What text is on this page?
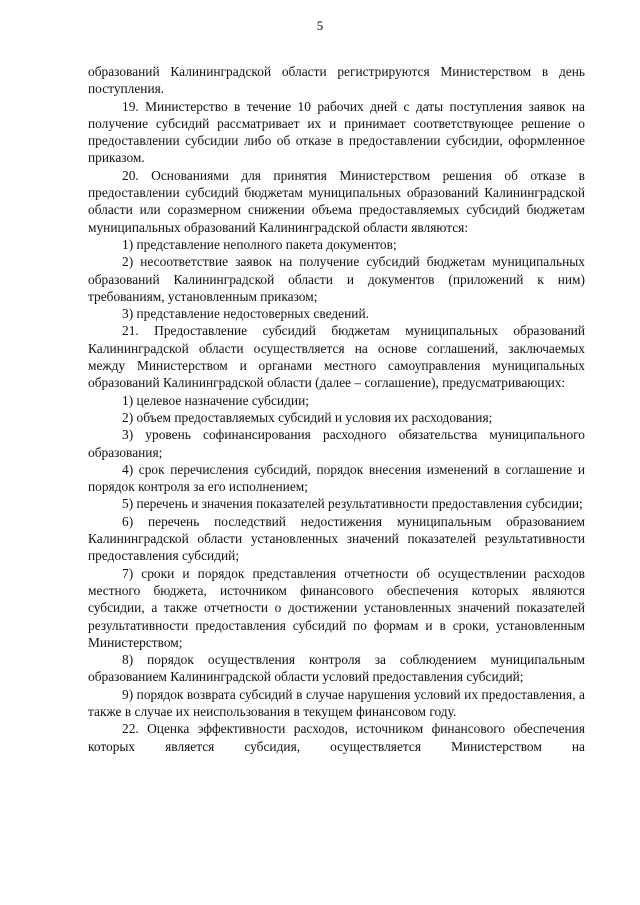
5

образований Калининградской области регистрируются Министерством в день поступления.

19. Министерство в течение 10 рабочих дней с даты поступления заявок на получение субсидий рассматривает их и принимает соответствующее решение о предоставлении субсидии либо об отказе в предоставлении субсидии, оформленное приказом.

20. Основаниями для принятия Министерством решения об отказе в предоставлении субсидий бюджетам муниципальных образований Калининградской области или соразмерном снижении объема предоставляемых субсидий бюджетам муниципальных образований Калининградской области являются:

1) представление неполного пакета документов;

2) несоответствие заявок на получение субсидий бюджетам муниципальных образований Калининградской области и документов (приложений к ним) требованиям, установленным приказом;

3) представление недостоверных сведений.

21. Предоставление субсидий бюджетам муниципальных образований Калининградской области осуществляется на основе соглашений, заключаемых между Министерством и органами местного самоуправления муниципальных образований Калининградской области (далее – соглашение), предусматривающих:

1) целевое назначение субсидии;

2) объем предоставляемых субсидий и условия их расходования;

3) уровень софинансирования расходного обязательства муниципального образования;

4) срок перечисления субсидий, порядок внесения изменений в соглашение и порядок контроля за его исполнением;

5) перечень и значения показателей результативности предоставления субсидии;

6) перечень последствий недостижения муниципальным образованием Калининградской области установленных значений показателей результативности предоставления субсидий;

7) сроки и порядок представления отчетности об осуществлении расходов местного бюджета, источником финансового обеспечения которых являются субсидии, а также отчетности о достижении установленных значений показателей результативности предоставления субсидий по формам и в сроки, установленным Министерством;

8) порядок осуществления контроля за соблюдением муниципальным образованием Калининградской области условий предоставления субсидий;

9) порядок возврата субсидий в случае нарушения условий их предоставления, а также в случае их неиспользования в текущем финансовом году.

22. Оценка эффективности расходов, источником финансового обеспечения которых является субсидия, осуществляется Министерством на
